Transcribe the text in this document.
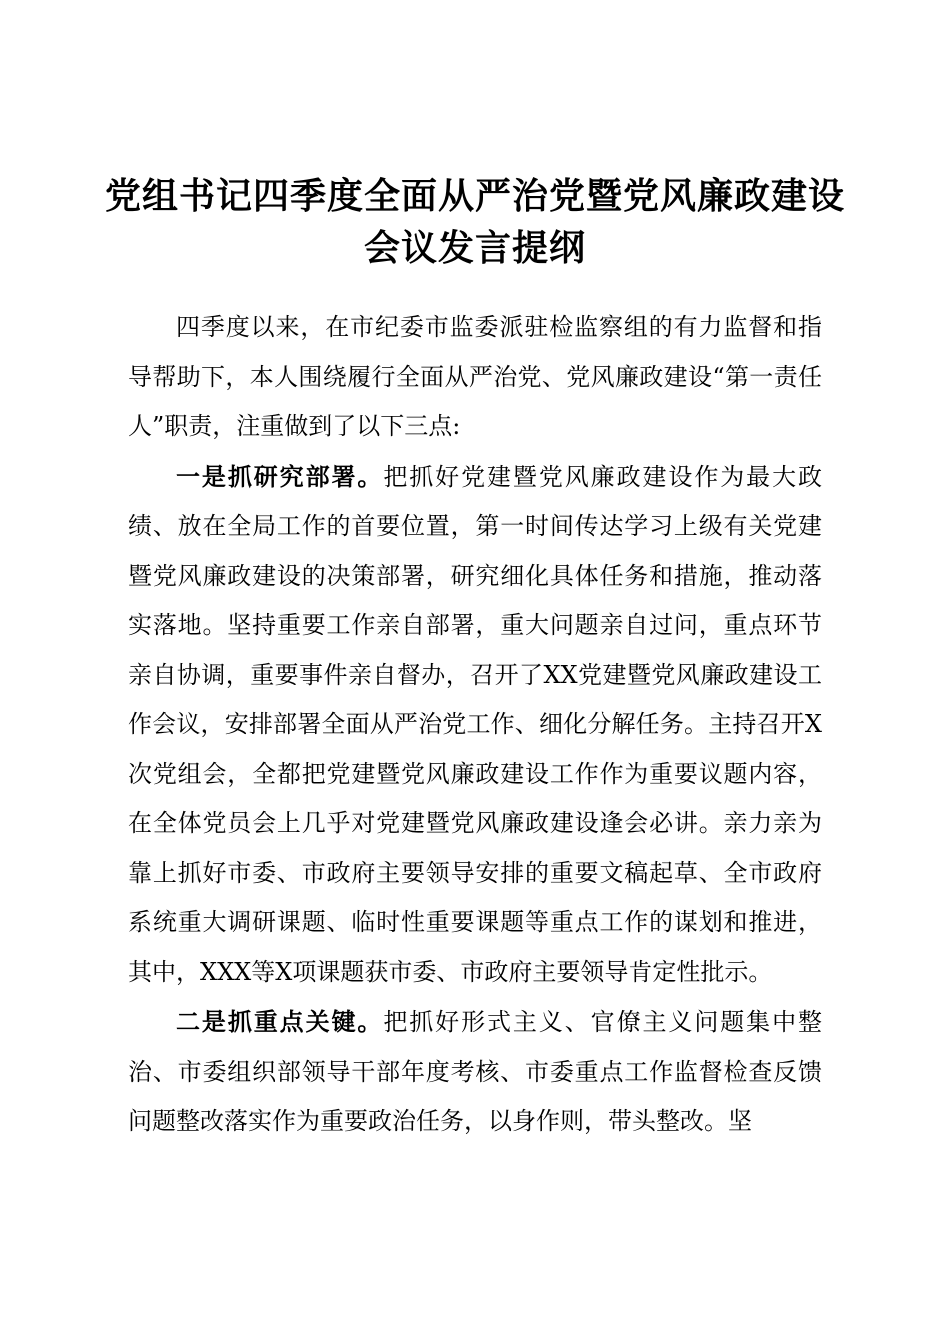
党组书记四季度全面从严治党暨党风廉政建设会议发言提纲

四季度以来，在市纪委市监委派驻检监察组的有力监督和指导帮助下，本人围绕履行全面从严治党、党风廉政建设“第一责任人”职责，注重做到了以下三点:

一是抓研究部署。把抓好党建暨党风廉政建设作为最大政绩、放在全局工作的首要位置，第一时间传达学习上级有关党建暨党风廉政建设的决策部署，研究细化具体任务和措施，推动落实落地。坚持重要工作亲自部署，重大问题亲自过问，重点环节亲自协调，重要事件亲自督办，召开了XX党建暨党风廉政建设工作会议，安排部署全面从严治党工作、细化分解任务。主持召开X次党组会，全都把党建暨党风廉政建设工作作为重要议题内容，在全体党员会上几乎对党建暨党风廉政建设逢会必讲。亲力亲为靠上抓好市委、市政府主要领导安排的重要文稿起草、全市政府系统重大调研课题、临时性重要课题等重点工作的谋划和推进，其中，XXX等X项课题获市委、市政府主要领导肯定性批示。

二是抓重点关键。把抓好形式主义、官僚主义问题集中整治、市委组织部领导干部年度考核、市委重点工作监督检查反馈问题整改落实作为重要政治任务，以身作则，带头整改。坚
